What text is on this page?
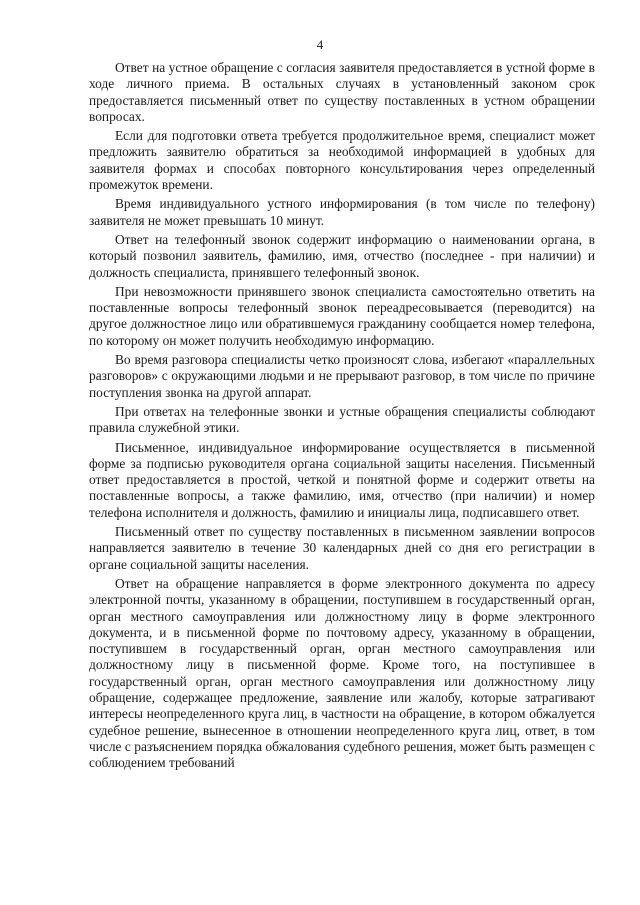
4

Ответ на устное обращение с согласия заявителя предоставляется в устной форме в ходе личного приема. В остальных случаях в установленный законом срок предоставляется письменный ответ по существу поставленных в устном обращении вопросах.

Если для подготовки ответа требуется продолжительное время, специалист может предложить заявителю обратиться за необходимой информацией в удобных для заявителя формах и способах повторного консультирования через определенный промежуток времени.

Время индивидуального устного информирования (в том числе по телефону) заявителя не может превышать 10 минут.

Ответ на телефонный звонок содержит информацию о наименовании органа, в который позвонил заявитель, фамилию, имя, отчество (последнее - при наличии) и должность специалиста, принявшего телефонный звонок.

При невозможности принявшего звонок специалиста самостоятельно ответить на поставленные вопросы телефонный звонок переадресовывается (переводится) на другое должностное лицо или обратившемуся гражданину сообщается номер телефона, по которому он может получить необходимую информацию.

Во время разговора специалисты четко произносят слова, избегают «параллельных разговоров» с окружающими людьми и не прерывают разговор, в том числе по причине поступления звонка на другой аппарат.

При ответах на телефонные звонки и устные обращения специалисты соблюдают правила служебной этики.

Письменное, индивидуальное информирование осуществляется в письменной форме за подписью руководителя органа социальной защиты населения. Письменный ответ предоставляется в простой, четкой и понятной форме и содержит ответы на поставленные вопросы, а также фамилию, имя, отчество (при наличии) и номер телефона исполнителя и должность, фамилию и инициалы лица, подписавшего ответ.

Письменный ответ по существу поставленных в письменном заявлении вопросов направляется заявителю в течение 30 календарных дней со дня его регистрации в органе социальной защиты населения.

Ответ на обращение направляется в форме электронного документа по адресу электронной почты, указанному в обращении, поступившем в государственный орган, орган местного самоуправления или должностному лицу в форме электронного документа, и в письменной форме по почтовому адресу, указанному в обращении, поступившем в государственный орган, орган местного самоуправления или должностному лицу в письменной форме. Кроме того, на поступившее в государственный орган, орган местного самоуправления или должностному лицу обращение, содержащее предложение, заявление или жалобу, которые затрагивают интересы неопределенного круга лиц, в частности на обращение, в котором обжалуется судебное решение, вынесенное в отношении неопределенного круга лиц, ответ, в том числе с разъяснением порядка обжалования судебного решения, может быть размещен с соблюдением требований
